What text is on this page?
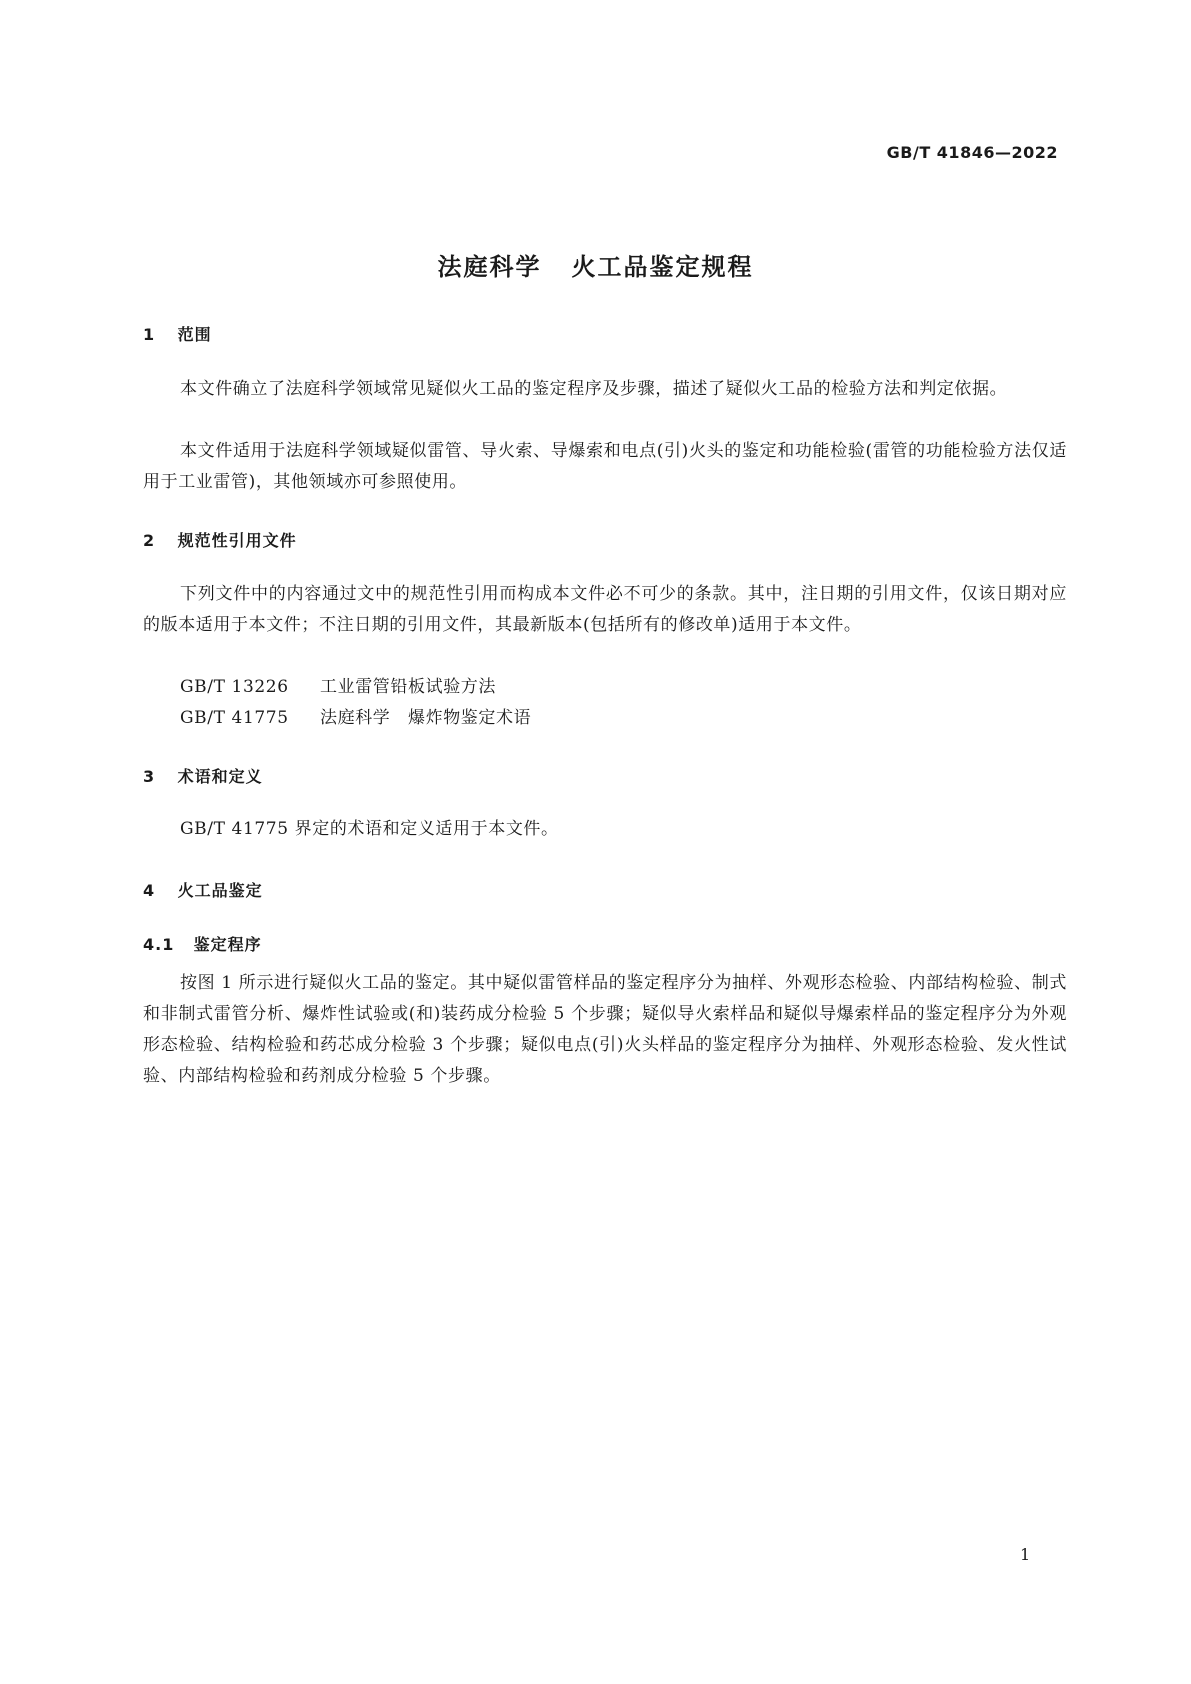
GB/T 41846—2022
法庭科学 火工品鉴定规程
1 范围
本文件确立了法庭科学领域常见疑似火工品的鉴定程序及步骤，描述了疑似火工品的检验方法和判定依据。
本文件适用于法庭科学领域疑似雷管、导火索、导爆索和电点(引)火头的鉴定和功能检验(雷管的功能检验方法仅适用于工业雷管)，其他领域亦可参照使用。
2 规范性引用文件
下列文件中的内容通过文中的规范性引用而构成本文件必不可少的条款。其中，注日期的引用文件，仅该日期对应的版本适用于本文件；不注日期的引用文件，其最新版本(包括所有的修改单)适用于本文件。
GB/T 13226 工业雷管铅板试验方法
GB/T 41775 法庭科学　爆炸物鉴定术语
3 术语和定义
GB/T 41775 界定的术语和定义适用于本文件。
4 火工品鉴定
4.1 鉴定程序
按图 1 所示进行疑似火工品的鉴定。其中疑似雷管样品的鉴定程序分为抽样、外观形态检验、内部结构检验、制式和非制式雷管分析、爆炸性试验或(和)装药成分检验 5 个步骤；疑似导火索样品和疑似导爆索样品的鉴定程序分为外观形态检验、结构检验和药芯成分检验 3 个步骤；疑似电点(引)火头样品的鉴定程序分为抽样、外观形态检验、发火性试验、内部结构检验和药剂成分检验 5 个步骤。
1
